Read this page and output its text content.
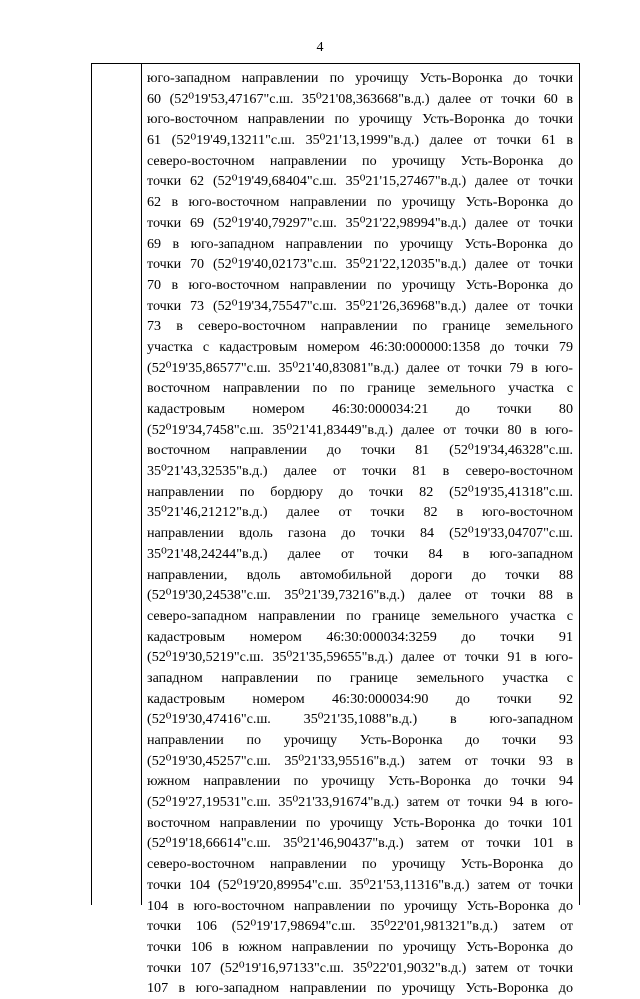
4
юго-западном направлении по урочищу Усть-Воронка до точки
60 (52⁰19'53,47167"с.ш. 35⁰21'08,363668"в.д.) далее от точки 60 в
юго-восточном направлении по урочищу Усть-Воронка до точки
61 (52⁰19'49,13211"с.ш. 35⁰21'13,1999"в.д.) далее от точки 61 в
северо-восточном направлении по урочищу Усть-Воронка до
точки 62 (52⁰19'49,68404"с.ш. 35⁰21'15,27467"в.д.) далее от точки
62 в юго-восточном направлении по урочищу Усть-Воронка до
точки 69 (52⁰19'40,79297"с.ш. 35⁰21'22,98994"в.д.) далее от точки
69 в юго-западном направлении по урочищу Усть-Воронка до
точки 70 (52⁰19'40,02173"с.ш. 35⁰21'22,12035"в.д.) далее от точки
70 в юго-восточном направлении по урочищу Усть-Воронка до
точки 73 (52⁰19'34,75547"с.ш. 35⁰21'26,36968"в.д.) далее от точки
73 в северо-восточном направлении по границе земельного
участка с кадастровым номером 46:30:000000:1358 до точки 79
(52⁰19'35,86577"с.ш. 35⁰21'40,83081"в.д.) далее от точки 79 в юго-
восточном направлении по по границе земельного участка с
кадастровым номером 46:30:000034:21 до точки 80
(52⁰19'34,7458"с.ш. 35⁰21'41,83449"в.д.) далее от точки 80 в юго-
восточном направлении до точки 81 (52⁰19'34,46328"с.ш.
35⁰21'43,32535"в.д.) далее от точки 81 в северо-восточном
направлении по бордюру до точки 82 (52⁰19'35,41318"с.ш.
35⁰21'46,21212"в.д.) далее от точки 82 в юго-восточном
направлении вдоль газона до точки 84 (52⁰19'33,04707"с.ш.
35⁰21'48,24244"в.д.) далее от точки 84 в юго-западном
направлении, вдоль автомобильной дороги до точки 88
(52⁰19'30,24538"с.ш. 35⁰21'39,73216"в.д.) далее от точки 88 в
северо-западном направлении по границе земельного участка с
кадастровым номером 46:30:000034:3259 до точки 91
(52⁰19'30,5219"с.ш. 35⁰21'35,59655"в.д.) далее от точки 91 в юго-
западном направлении по границе земельного участка с
кадастровым номером 46:30:000034:90 до точки 92
(52⁰19'30,47416"с.ш. 35⁰21'35,1088"в.д.) в юго-западном
направлении по урочищу Усть-Воронка до точки 93
(52⁰19'30,45257"с.ш. 35⁰21'33,95516"в.д.) затем от точки 93 в
южном направлении по урочищу Усть-Воронка до точки 94
(52⁰19'27,19531"с.ш. 35⁰21'33,91674"в.д.) затем от точки 94 в юго-
восточном направлении по урочищу Усть-Воронка до точки 101
(52⁰19'18,66614"с.ш. 35⁰21'46,90437"в.д.) затем от точки 101 в
северо-восточном направлении по урочищу Усть-Воронка до
точки 104 (52⁰19'20,89954"с.ш. 35⁰21'53,11316"в.д.) затем от точки
104 в юго-восточном направлении по урочищу Усть-Воронка до
точки 106 (52⁰19'17,98694"с.ш. 35⁰22'01,981321"в.д.) затем от
точки 106 в южном направлении по урочищу Усть-Воронка до
точки 107 (52⁰19'16,97133"с.ш. 35⁰22'01,9032"в.д.) затем от точки
107 в юго-западном направлении по урочищу Усть-Воронка до
